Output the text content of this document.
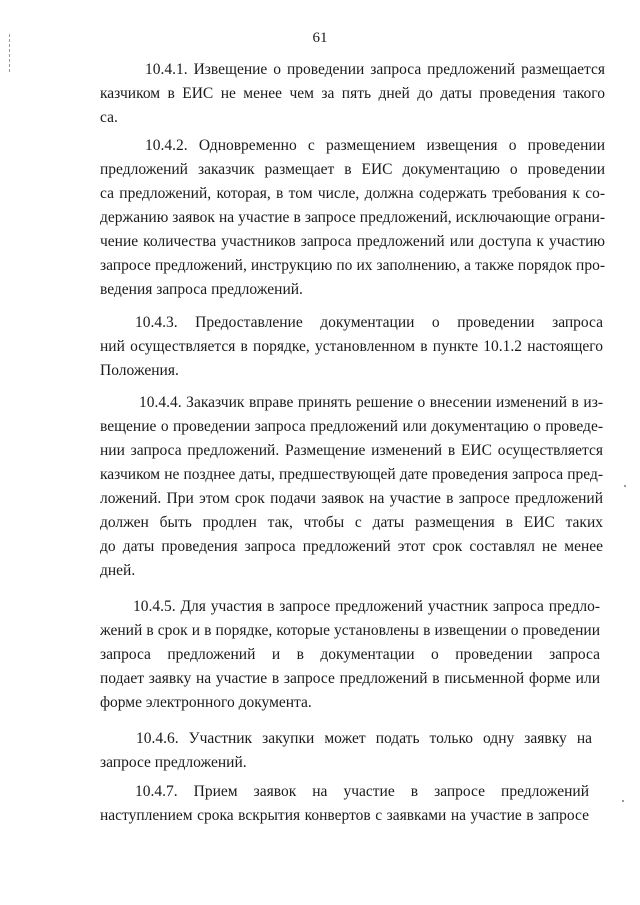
61
10.4.1. Извещение о проведении запроса предложений размещается
казчиком в ЕИС не менее чем за пять дней до даты проведения такого
са.
10.4.2. Одновременно с размещением извещения о проведении
предложений заказчик размещает в ЕИС документацию о проведении
са предложений, которая, в том числе, должна содержать требования к со-
держанию заявок на участие в запросе предложений, исключающие ограни-
чение количества участников запроса предложений или доступа к участию
запросе предложений, инструкцию по их заполнению, а также порядок про-
ведения запроса предложений.
10.4.3. Предоставление документации о проведении запроса
ний осуществляется в порядке, установленном в пункте 10.1.2 настоящего
Положения.
10.4.4. Заказчик вправе принять решение о внесении изменений в из-
вещение о проведении запроса предложений или документацию о проведе-
нии запроса предложений. Размещение изменений в ЕИС осуществляется
казчиком не позднее даты, предшествующей дате проведения запроса пред-
ложений. При этом срок подачи заявок на участие в запросе предложений
должен быть продлен так, чтобы с даты размещения в ЕИС таких
до даты проведения запроса предложений этот срок составлял не менее
дней.
10.4.5. Для участия в запросе предложений участник запроса предло-
жений в срок и в порядке, которые установлены в извещении о проведении
запроса предложений и в документации о проведении запроса
подает заявку на участие в запросе предложений в письменной форме или
форме электронного документа.
10.4.6. Участник закупки может подать только одну заявку на
запросе предложений.
10.4.7. Прием заявок на участие в запросе предложений
наступлением срока вскрытия конвертов с заявками на участие в запросе
